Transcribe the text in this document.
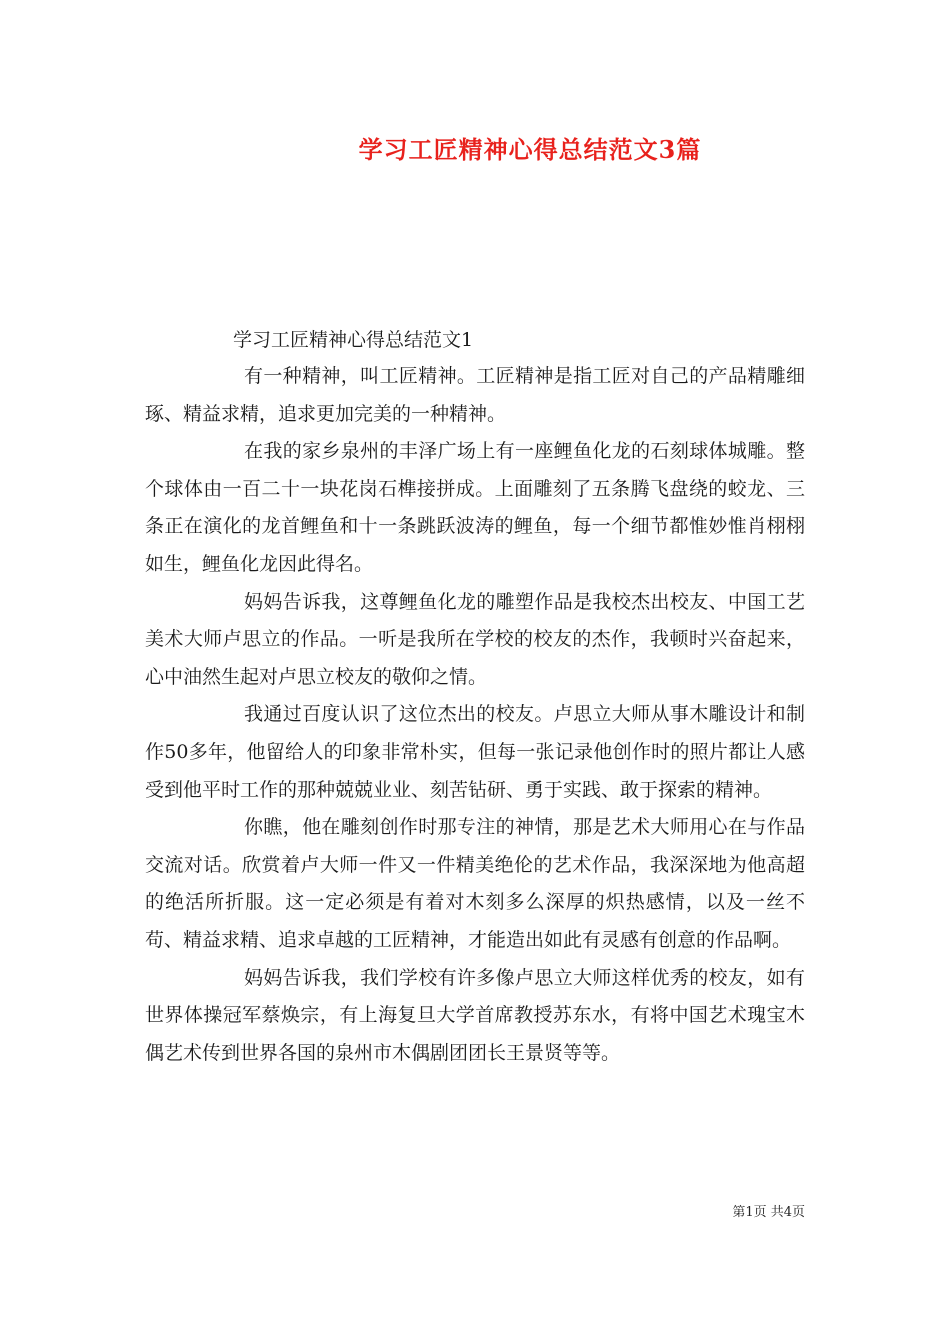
学习工匠精神心得总结范文3篇

学习工匠精神心得总结范文1

有一种精神，叫工匠精神。工匠精神是指工匠对自己的产品精雕细琢、精益求精，追求更加完美的一种精神。

在我的家乡泉州的丰泽广场上有一座鲤鱼化龙的石刻球体城雕。整个球体由一百二十一块花岗石榫接拼成。上面雕刻了五条腾飞盘绕的蛟龙、三条正在演化的龙首鲤鱼和十一条跳跃波涛的鲤鱼，每一个细节都惟妙惟肖栩栩如生，鲤鱼化龙因此得名。

妈妈告诉我，这尊鲤鱼化龙的雕塑作品是我校杰出校友、中国工艺美术大师卢思立的作品。一听是我所在学校的校友的杰作，我顿时兴奋起来，心中油然生起对卢思立校友的敬仰之情。

我通过百度认识了这位杰出的校友。卢思立大师从事木雕设计和制作50多年，他留给人的印象非常朴实，但每一张记录他创作时的照片都让人感受到他平时工作的那种兢兢业业、刻苦钻研、勇于实践、敢于探索的精神。

你瞧，他在雕刻创作时那专注的神情，那是艺术大师用心在与作品交流对话。欣赏着卢大师一件又一件精美绝伦的艺术作品，我深深地为他高超的绝活所折服。这一定必须是有着对木刻多么深厚的炽热感情，以及一丝不苟、精益求精、追求卓越的工匠精神，才能造出如此有灵感有创意的作品啊。

妈妈告诉我，我们学校有许多像卢思立大师这样优秀的校友，如有世界体操冠军蔡焕宗，有上海复旦大学首席教授苏东水，有将中国艺术瑰宝木偶艺术传到世界各国的泉州市木偶剧团团长王景贤等等。

第1页 共4页
